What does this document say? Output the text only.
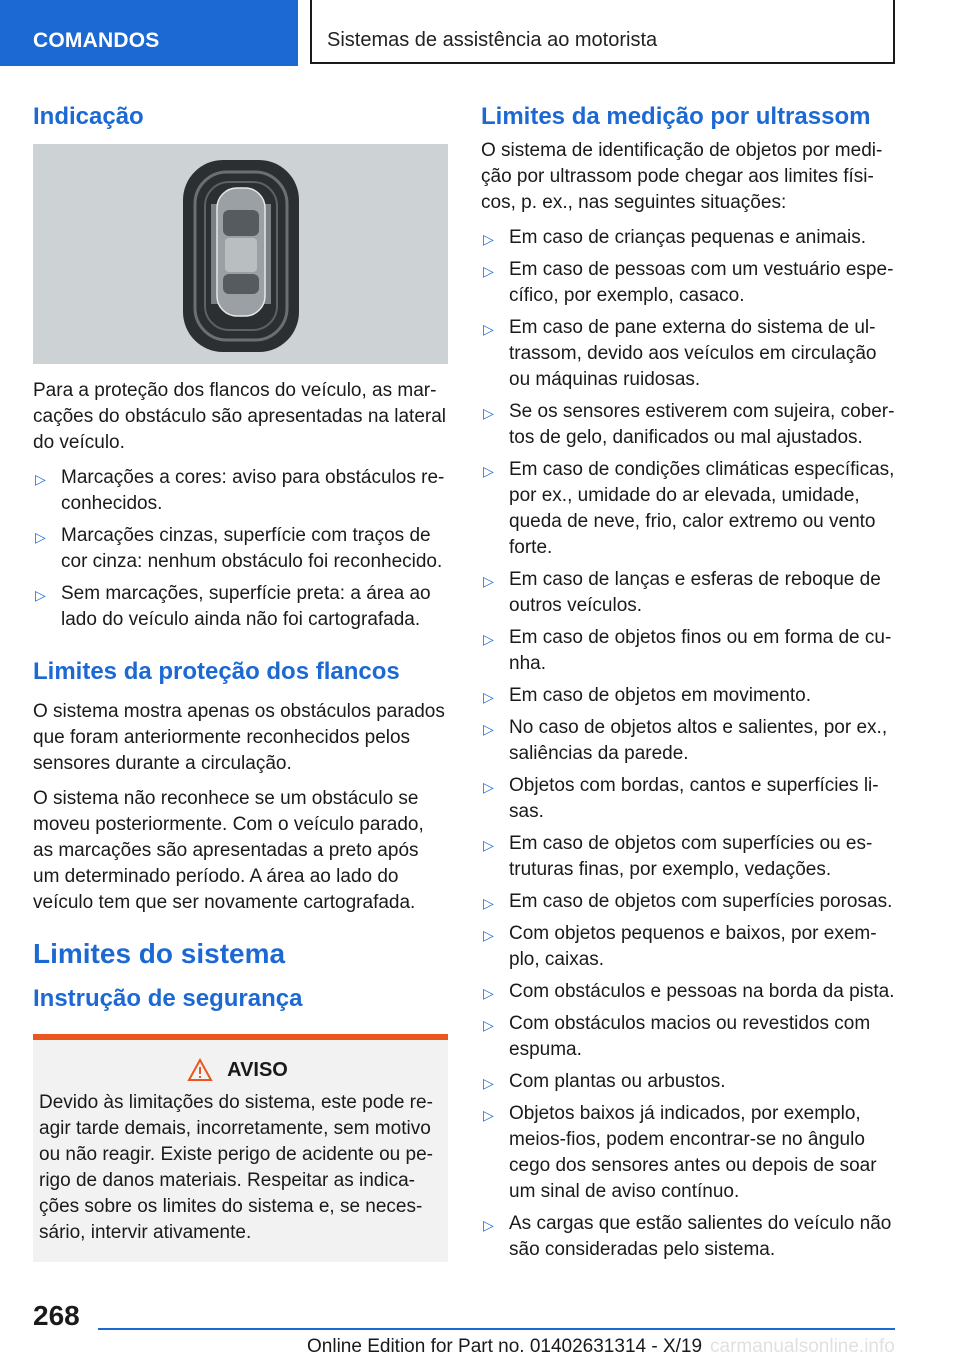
COMANDOS	Sistemas de assistência ao motorista
Indicação

Para a proteção dos flancos do veículo, as mar-cações do obstáculo são apresentadas na lateral do veículo.

▷ Marcações a cores: aviso para obstáculos re-conhecidos.
▷ Marcações cinzas, superfície com traços de cor cinza: nenhum obstáculo foi reconhecido.
▷ Sem marcações, superfície preta: a área ao lado do veículo ainda não foi cartografada.
Limites da proteção dos flancos

O sistema mostra apenas os obstáculos parados que foram anteriormente reconhecidos pelos sensores durante a circulação.

O sistema não reconhece se um obstáculo se moveu posteriormente. Com o veículo parado, as marcações são apresentadas a preto após um determinado período. A área ao lado do veículo tem que ser novamente cartografada.

Limites do sistema
Instrução de segurança
AVISO

Devido às limitações do sistema, este pode re-agir tarde demais, incorretamente, sem motivo ou não reagir. Existe perigo de acidente ou pe-rigo de danos materiais. Respeitar as indica-ções sobre os limites do sistema e, se neces-sário, intervir ativamente.

Limites da medição por ultrassom

O sistema de identificação de objetos por medi-ção por ultrassom pode chegar aos limites físi-cos, p. ex., nas seguintes situações:

▷ Em caso de crianças pequenas e animais.
▷ Em caso de pessoas com um vestuário espe-cífico, por exemplo, casaco.
▷ Em caso de pane externa do sistema de ul-trassom, devido aos veículos em circulação ou máquinas ruidosas.
▷ Se os sensores estiverem com sujeira, cober-tos de gelo, danificados ou mal ajustados.
▷ Em caso de condições climáticas específicas, por ex., umidade do ar elevada, umidade, queda de neve, frio, calor extremo ou vento forte.
▷ Em caso de lanças e esferas de reboque de outros veículos.
▷ Em caso de objetos finos ou em forma de cu-nha.
▷ Em caso de objetos em movimento.
▷ No caso de objetos altos e salientes, por ex., saliências da parede.
▷ Objetos com bordas, cantos e superfícies li-sas.
▷ Em caso de objetos com superfícies ou es-truturas finas, por exemplo, vedações.
▷ Em caso de objetos com superfícies porosas.
▷ Com objetos pequenos e baixos, por exem-plo, caixas.
▷ Com obstáculos e pessoas na borda da pista.
▷ Com obstáculos macios ou revestidos com espuma.
▷ Com plantas ou arbustos.
▷ Objetos baixos já indicados, por exemplo, meios-fios, podem encontrar-se no ângulo cego dos sensores antes ou depois de soar um sinal de aviso contínuo.
▷ As cargas que estão salientes do veículo não são consideradas pelo sistema.
268
Online Edition for Part no. 01402631314 - X/19 carmanualsonline.info
